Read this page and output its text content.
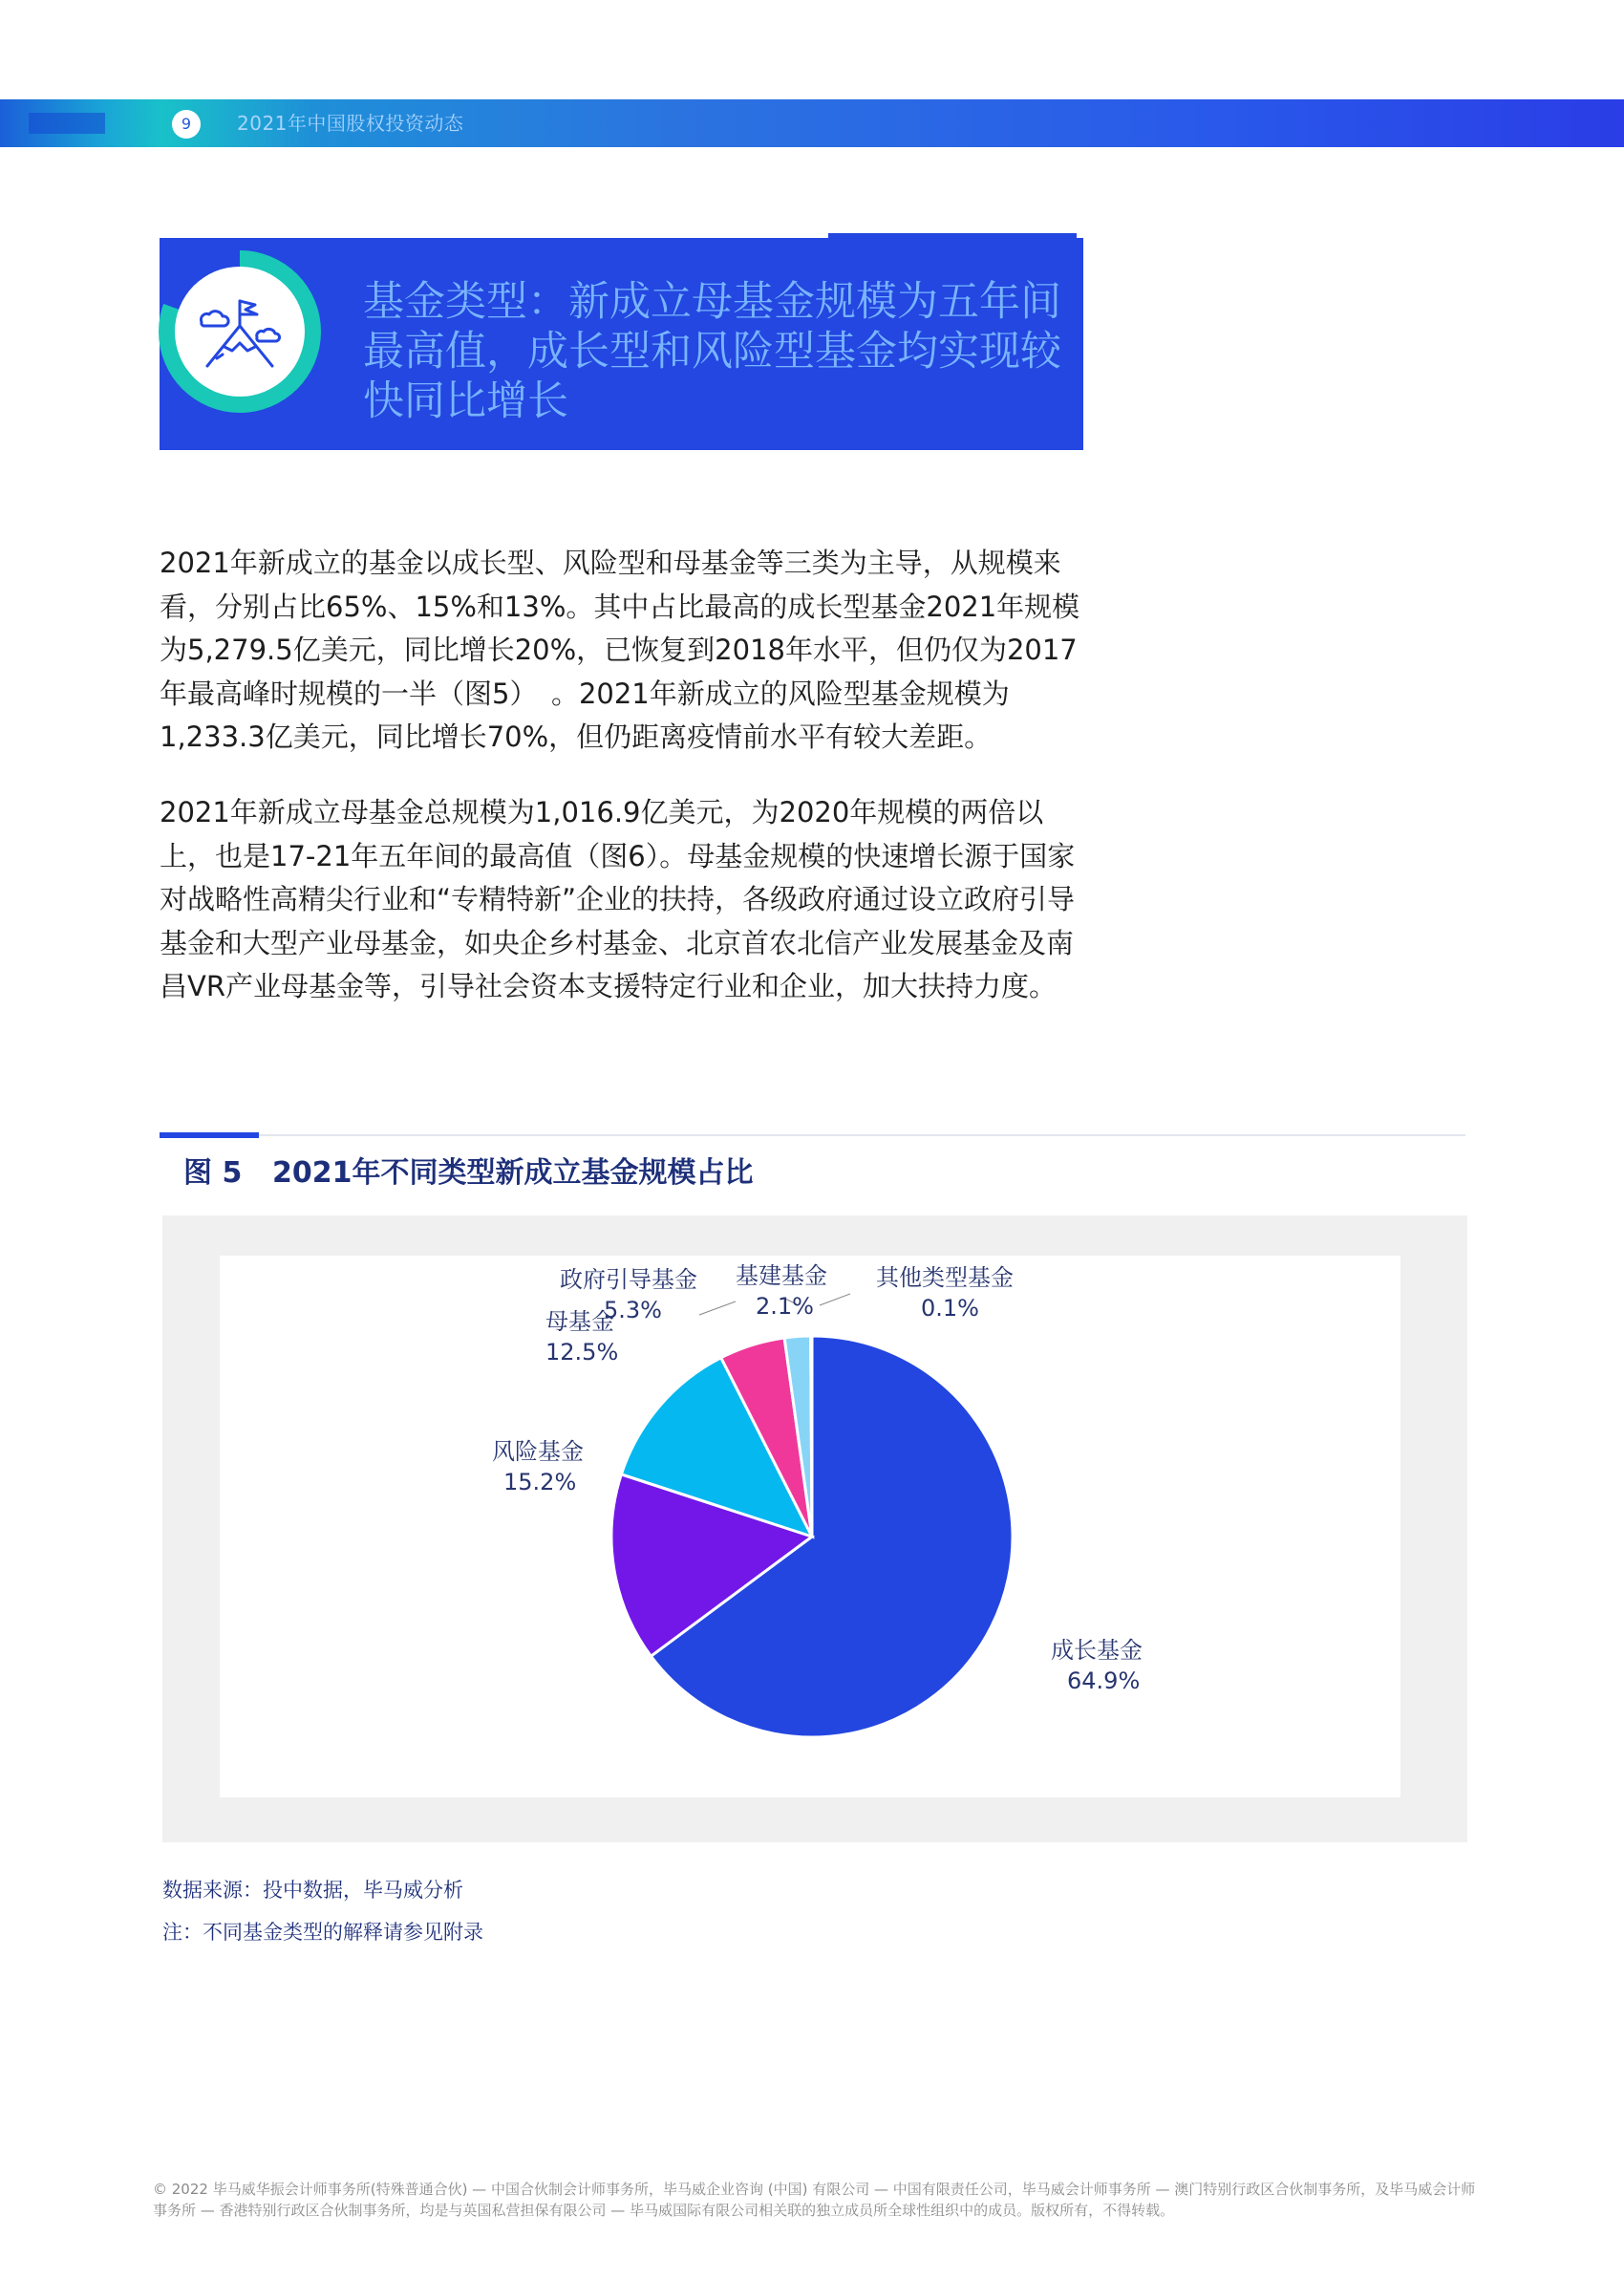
9	2021年中国股权投资动态
基金类型：新成立母基金规模为五年间最高值，成长型和风险型基金均实现较快同比增长

2021年新成立的基金以成长型、风险型和母基金等三类为主导，从规模来看，分别占比65%、15%和13%。其中占比最高的成长型基金2021年规模为5,279.5亿美元，同比增长20%，已恢复到2018年水平，但仍仅为2017年最高峰时规模的一半（图5）　。2021年新成立的风险型基金规模为1,233.3亿美元，同比增长70%，但仍距离疫情前水平有较大差距。

2021年新成立母基金总规模为1,016.9亿美元，为2020年规模的两倍以上，也是17-21年五年间的最高值（图6）。母基金规模的快速增长源于国家对战略性高精尖行业和“专精特新”企业的扶持，各级政府通过设立政府引导基金和大型产业母基金，如央企乡村基金、北京首农北信产业发展基金及南昌VR产业母基金等，引导社会资本支援特定行业和企业，加大扶持力度。

图 5 2021年不同类型新成立基金规模占比
成长基金
64.9%
风险基金
15.2%
母基金
12.5%
政府引导基金
5.3%
基建基金
2.1%
其他类型基金
0.1%
数据来源：投中数据，毕马威分析
注：不同基金类型的解释请参见附录
© 2022 毕马威华振会计师事务所(特殊普通合伙) — 中国合伙制会计师事务所，毕马威企业咨询 (中国) 有限公司 — 中国有限责任公司，毕马威会计师事务所 — 澳门特别行政区合伙制事务所，及毕马威会计师事务所 — 香港特别行政区合伙制事务所，均是与英国私营担保有限公司 — 毕马威国际有限公司相关联的独立成员所全球性组织中的成员。版权所有，不得转载。
